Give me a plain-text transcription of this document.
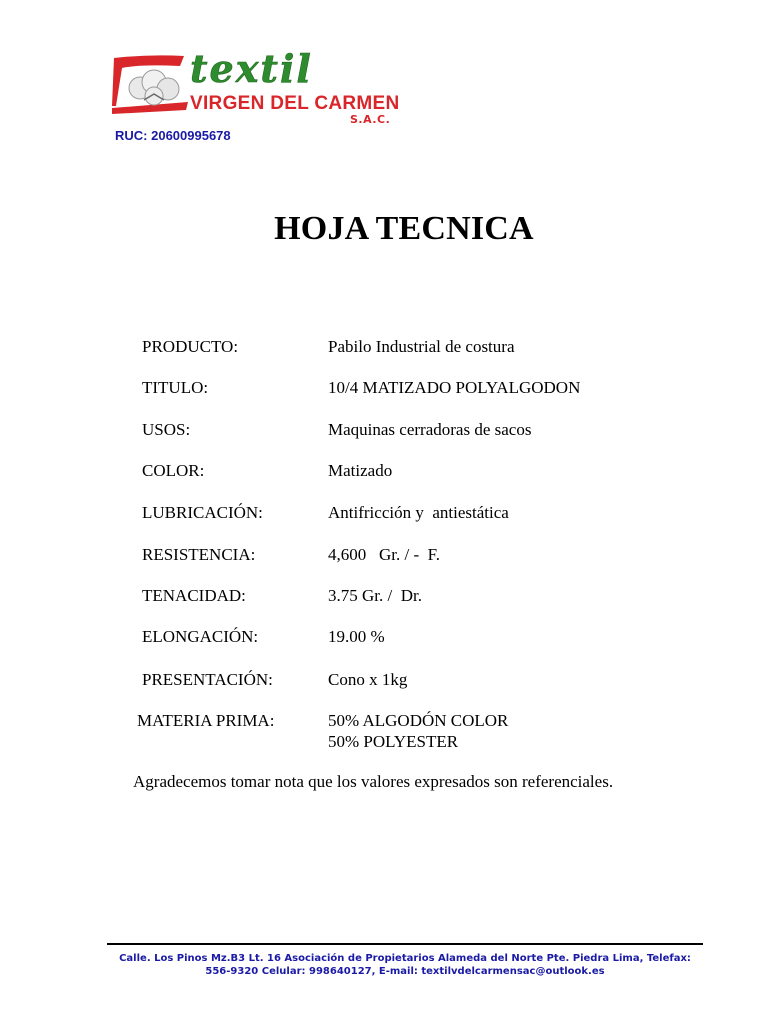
textil
VIRGEN DEL CARMEN
S.A.C.
RUC: 20600995678
HOJA TECNICA
PRODUCTO:	Pabilo Industrial de costura
TITULO:	10/4 MATIZADO POLYALGODON
USOS:	Maquinas cerradoras de sacos
COLOR:	Matizado
LUBRICACIÓN:	Antifricción y  antiestática
RESISTENCIA:	4,600   Gr. / -  F.
TENACIDAD:	3.75 Gr. /  Dr.
ELONGACIÓN:	19.00 %
PRESENTACIÓN:	Cono x 1kg
MATERIA PRIMA:	50% ALGODÓN COLOR
50% POLYESTER
Agradecemos tomar nota que los valores expresados son referenciales.
Calle. Los Pinos Mz.B3 Lt. 16 Asociación de Propietarios Alameda del Norte Pte. Piedra Lima, Telefax:
556-9320 Celular: 998640127, E-mail: textilvdelcarmensac@outlook.es
